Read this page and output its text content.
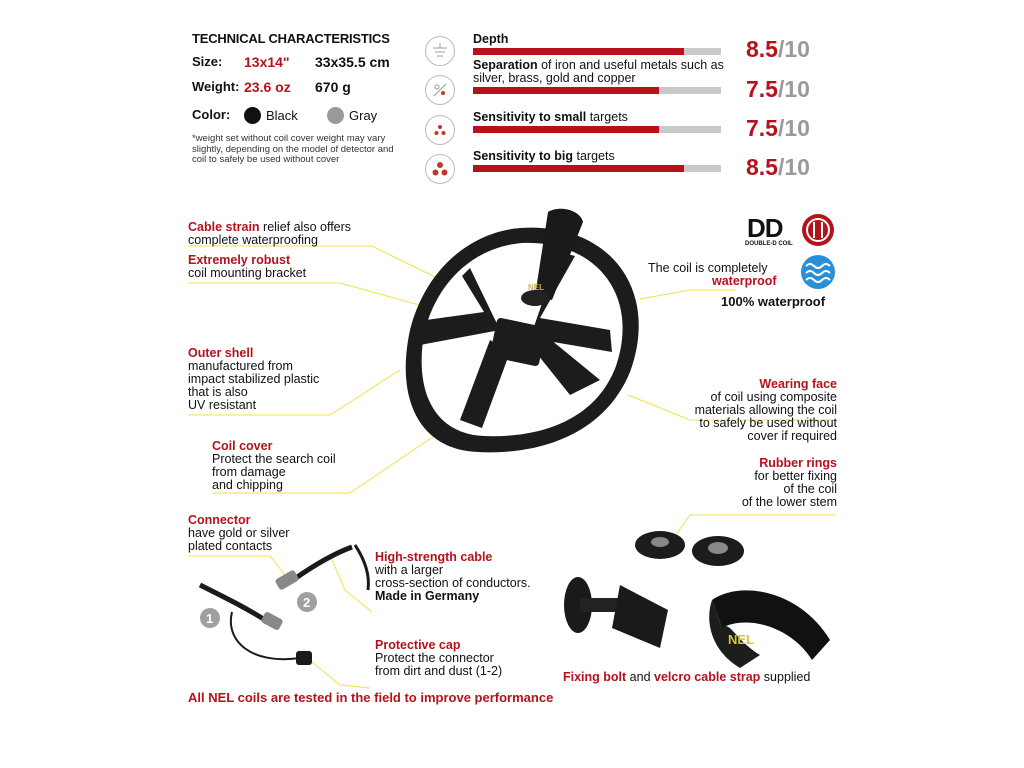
TECHNICAL CHARACTERISTICS
Size: 13x14" 33x35.5 cm
Weight: 23.6 oz 670 g
Color:	Black	Gray
*weight set without coil cover weight may vary slightly, depending on the model of detector and coil to safely be used without cover
Depth	8.5/10
Separation of iron and useful metals such as silver, brass, gold and copper	7.5/10
Sensitivity to small targets	7.5/10
Sensitivity to big targets	8.5/10
NEL
1
2
NEL
DD
DOUBLE-D COIL
The coil is completely
waterproof
100% waterproof
Cable strain relief also offers
complete waterproofing
Extremely robust
coil mounting bracket
Outer shell
manufactured from
impact stabilized plastic
that is also
UV resistant
Coil cover
Protect the search coil
from damage
and chipping
Wearing face
of coil using composite
materials allowing the coil
to safely be used without
cover if required
Rubber rings
for better fixing
of the coil
of the lower stem
Connector
have gold or silver
plated contacts
High-strength cable
with a larger
cross-section of conductors.
Made in Germany
Protective cap
Protect the connector
from dirt and dust (1-2)	Fixing bolt and velcro cable strap supplied
All NEL coils are tested in the field to improve performance
